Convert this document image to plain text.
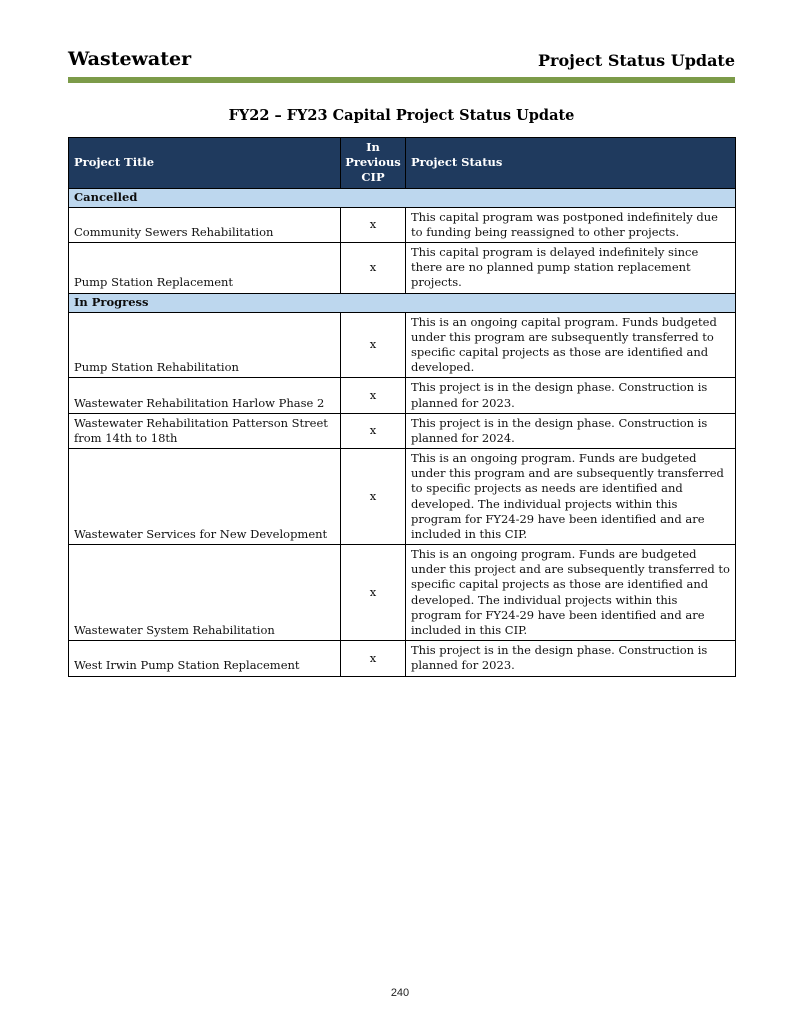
Wastewater	Project Status Update
FY22 – FY23 Capital Project Status Update
Project Title	In Previous CIP	Project Status
Cancelled		
Community Sewers Rehabilitation	x	This capital program was postponed indefinitely due to funding being reassigned to other projects.
Pump Station Replacement	x	This capital program is delayed indefinitely since there are no planned pump station replacement projects.
In Progress		
Pump Station Rehabilitation	x	This is an ongoing capital program. Funds budgeted under this program are subsequently transferred to specific capital projects as those are identified and developed.
Wastewater Rehabilitation Harlow Phase 2	x	This project is in the design phase. Construction is planned for 2023.
Wastewater Rehabilitation Patterson Street from 14th to 18th	x	This project is in the design phase. Construction is planned for 2024.
Wastewater Services for New Development	x	This is an ongoing program. Funds are budgeted under this program and are subsequently transferred to specific projects as needs are identified and developed. The individual projects within this program for FY24-29 have been identified and are included in this CIP.
Wastewater System Rehabilitation	x	This is an ongoing program. Funds are budgeted under this project and are subsequently transferred to specific capital projects as those are identified and developed. The individual projects within this program for FY24-29 have been identified and are included in this CIP.
West Irwin Pump Station Replacement	x	This project is in the design phase. Construction is planned for 2023.
240
